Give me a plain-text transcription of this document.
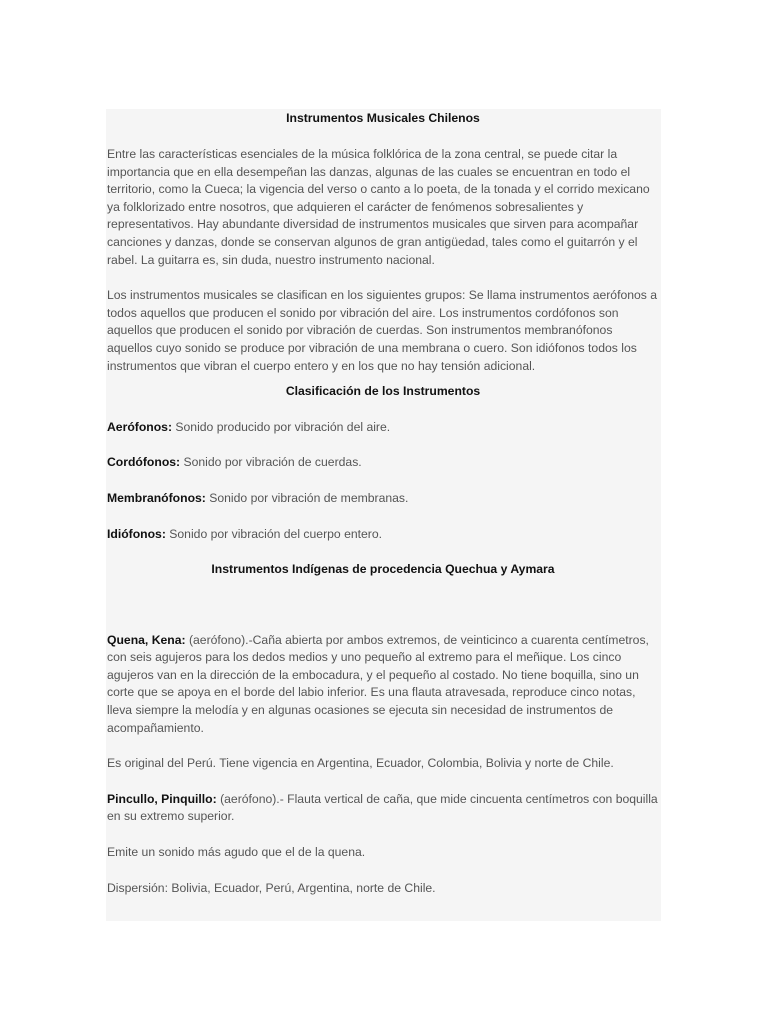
Instrumentos Musicales Chilenos

Entre las características esenciales de la música folklórica de la zona central, se puede citar la importancia que en ella desempeñan las danzas, algunas de las cuales se encuentran en todo el territorio, como la Cueca; la vigencia del verso o canto a lo poeta, de la tonada y el corrido mexicano ya folklorizado entre nosotros, que adquieren el carácter de fenómenos sobresalientes y representativos. Hay abundante diversidad de instrumentos musicales que sirven para acompañar canciones y danzas, donde se conservan algunos de gran antigüedad, tales como el guitarrón y el rabel. La guitarra es, sin duda, nuestro instrumento nacional.

Los instrumentos musicales se clasifican en los siguientes grupos: Se llama instrumentos aerófonos a todos aquellos que producen el sonido por vibración del aire. Los instrumentos cordófonos son aquellos que producen el sonido por vibración de cuerdas. Son instrumentos membranófonos aquellos cuyo sonido se produce por vibración de una membrana o cuero. Son idiófonos todos los instrumentos que vibran el cuerpo entero y en los que no hay tensión adicional.

Clasificación de los Instrumentos

Aerófonos: Sonido producido por vibración del aire.

Cordófonos: Sonido por vibración de cuerdas.

Membranófonos: Sonido por vibración de membranas.

Idiófonos: Sonido por vibración del cuerpo entero.

Instrumentos Indígenas de procedencia Quechua y Aymara

Quena, Kena: (aerófono).-Caña abierta por ambos extremos, de veinticinco a cuarenta centímetros, con seis agujeros para los dedos medios y uno pequeño al extremo para el meñique. Los cinco agujeros van en la dirección de la embocadura, y el pequeño al costado. No tiene boquilla, sino un corte que se apoya en el borde del labio inferior. Es una flauta atravesada, reproduce cinco notas, lleva siempre la melodía y en algunas ocasiones se ejecuta sin necesidad de instrumentos de acompañamiento.

Es original del Perú. Tiene vigencia en Argentina, Ecuador, Colombia, Bolivia y norte de Chile.

Pincullo, Pinquillo: (aerófono).- Flauta vertical de caña, que mide cincuenta centímetros con boquilla en su extremo superior.

Emite un sonido más agudo que el de la quena.

Dispersión: Bolivia, Ecuador, Perú, Argentina, norte de Chile.
